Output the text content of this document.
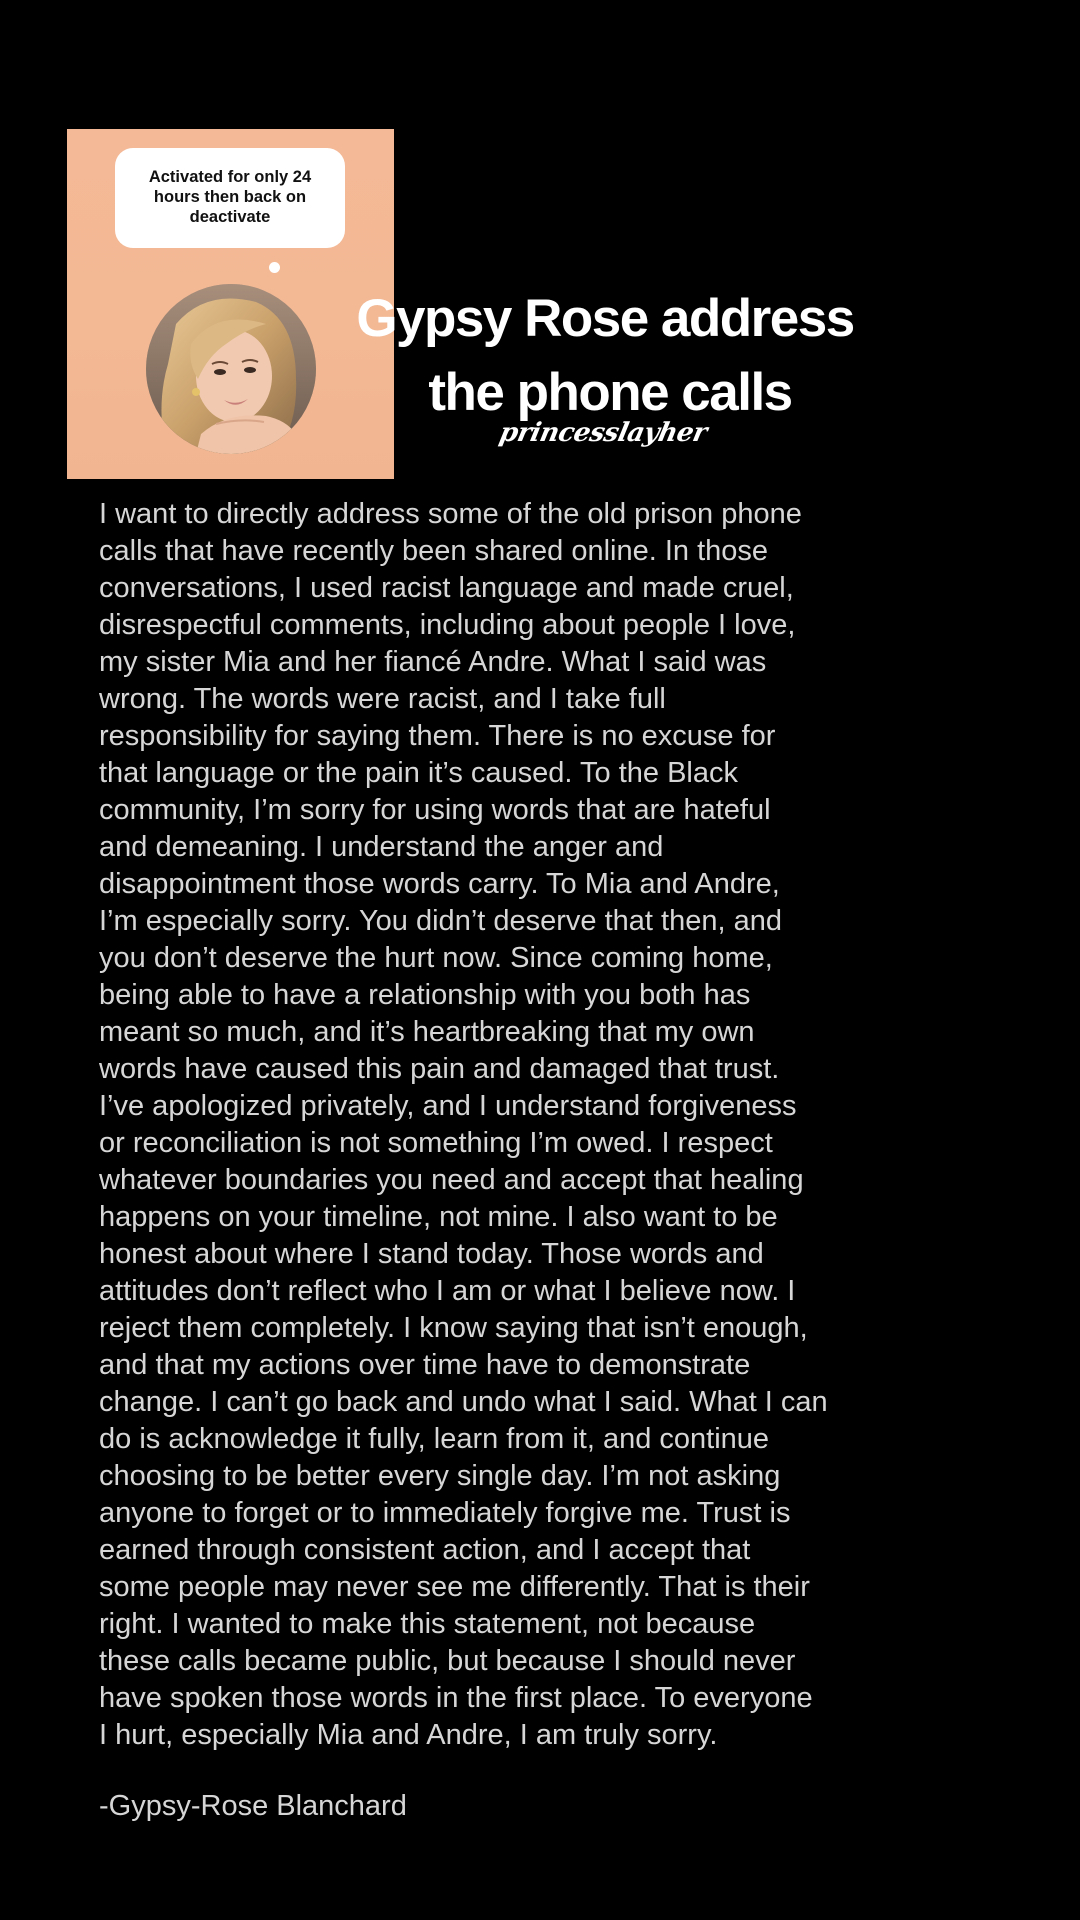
Activated for only 24 hours then back on deactivate
Gypsy Rose address
the phone calls
princesslayher
I want to directly address some of the old prison phone
calls that have recently been shared online. In those
conversations, I used racist language and made cruel,
disrespectful comments, including about people I love,
my sister Mia and her fiancé Andre. What I said was
wrong. The words were racist, and I take full
responsibility for saying them. There is no excuse for
that language or the pain it’s caused. To the Black
community, I’m sorry for using words that are hateful
and demeaning. I understand the anger and
disappointment those words carry. To Mia and Andre,
I’m especially sorry. You didn’t deserve that then, and
you don’t deserve the hurt now. Since coming home,
being able to have a relationship with you both has
meant so much, and it’s heartbreaking that my own
words have caused this pain and damaged that trust.
I’ve apologized privately, and I understand forgiveness
or reconciliation is not something I’m owed. I respect
whatever boundaries you need and accept that healing
happens on your timeline, not mine. I also want to be
honest about where I stand today. Those words and
attitudes don’t reflect who I am or what I believe now. I
reject them completely. I know saying that isn’t enough,
and that my actions over time have to demonstrate
change. I can’t go back and undo what I said. What I can
do is acknowledge it fully, learn from it, and continue
choosing to be better every single day. I’m not asking
anyone to forget or to immediately forgive me. Trust is
earned through consistent action, and I accept that
some people may never see me differently. That is their
right. I wanted to make this statement, not because
these calls became public, but because I should never
have spoken those words in the first place. To everyone
I hurt, especially Mia and Andre, I am truly sorry.
-Gypsy-Rose Blanchard
